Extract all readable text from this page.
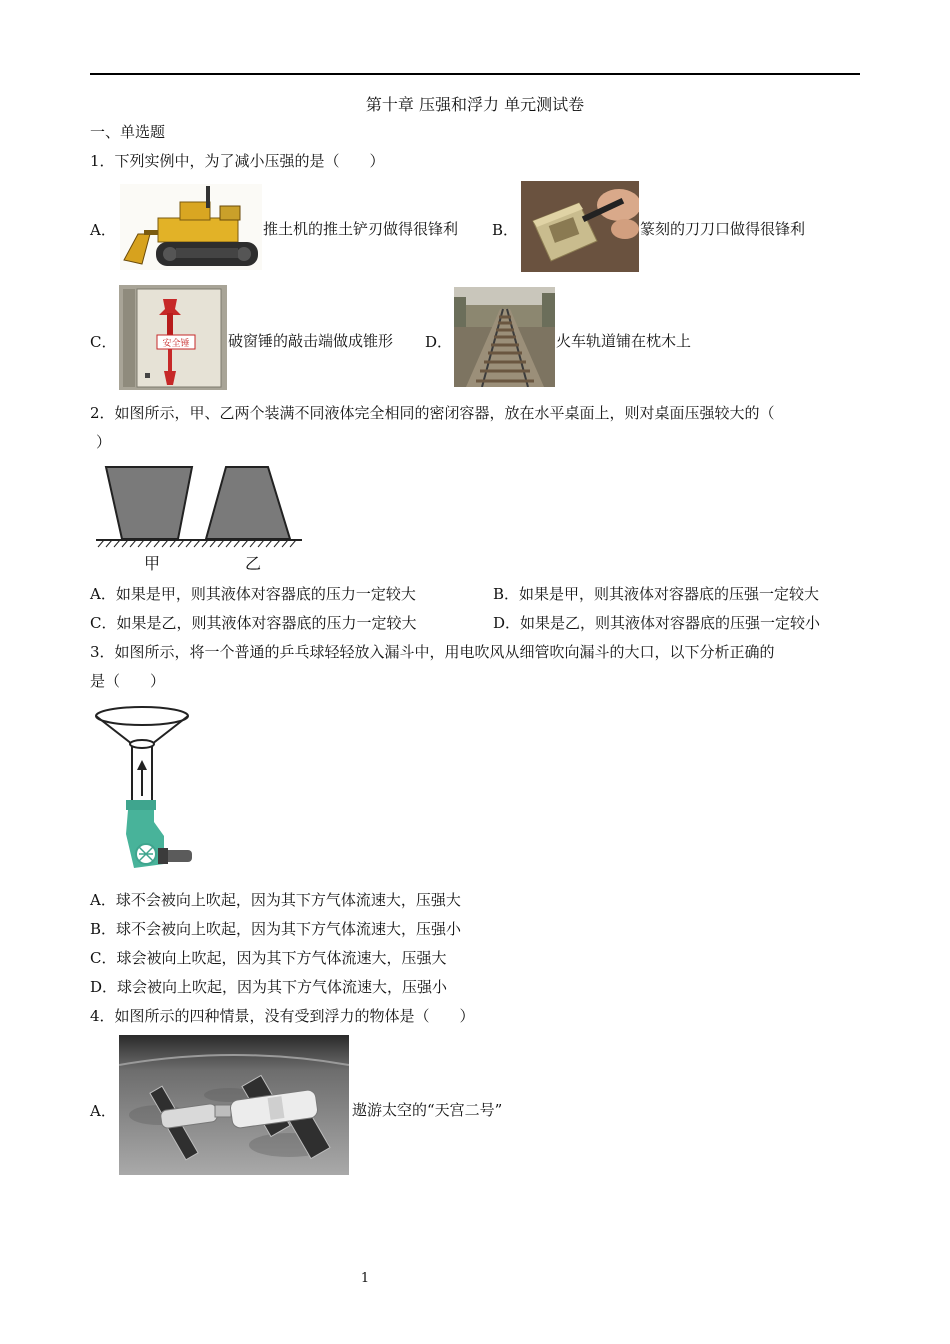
第十章 压强和浮力 单元测试卷
一、单选题
1．下列实例中，为了减小压强的是（　　）
A．	推土机的推土铲刃做得很锋利 B．	篆刻的刀刀口做得很锋利
C．	安全锤	破窗锤的敲击端做成锥形 D．	火车轨道铺在枕木上
2．如图所示，甲、乙两个装满不同液体完全相同的密闭容器，放在水平桌面上，则对桌面压强较大的（
）
甲	乙
A．如果是甲，则其液体对容器底的压力一定较大	B．如果是甲，则其液体对容器底的压强一定较大
C．如果是乙，则其液体对容器底的压力一定较大	D．如果是乙，则其液体对容器底的压强一定较小
3．如图所示，将一个普通的乒乓球轻轻放入漏斗中，用电吹风从细管吹向漏斗的大口，以下分析正确的
是（　　）
A．球不会被向上吹起，因为其下方气体流速大，压强大
B．球不会被向上吹起，因为其下方气体流速大，压强小
C．球会被向上吹起，因为其下方气体流速大，压强大
D．球会被向上吹起，因为其下方气体流速大，压强小
4．如图所示的四种情景，没有受到浮力的物体是（　　）
A．	遨游太空的“天宫二号”
1
